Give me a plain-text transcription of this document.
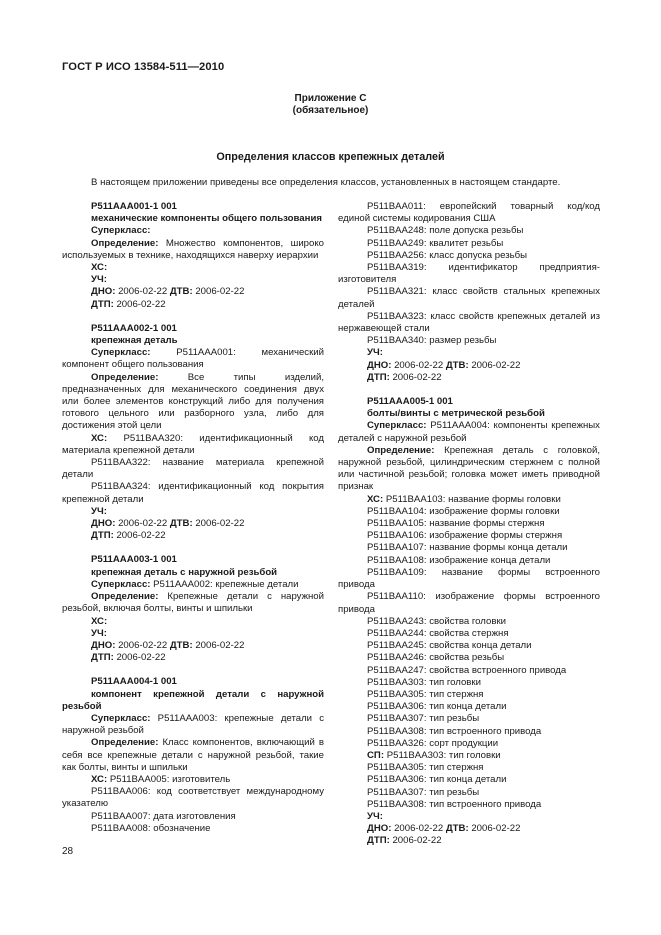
ГОСТ Р ИСО 13584-511—2010
Приложение С
(обязательное)
Определения классов крепежных деталей
В настоящем приложении приведены все определения классов, установленных в настоящем стандарте.

P511AAA001-1 001

механические компоненты общего пользования

Суперкласс:

Определение: Множество компонентов, широко используемых в технике, находящихся наверху иерархии

ХС:

УЧ:

ДНО: 2006-02-22 ДТВ: 2006-02-22

ДТП: 2006-02-22

P511AAA002-1 001

крепежная деталь

Суперкласс:	P511AAA001: механический компонент общего пользования

Определение:	Все типы изделий, предназначенных для механического соединения двух или более элементов конструкций либо для получения готового цельного или разборного узла, либо для достижения этой цели

ХС: P511BAA320: идентификационный код материала крепежной детали

P511BAA322: название материала крепежной детали

P511BAA324: идентификационный код покрытия крепежной детали

УЧ:

ДНО: 2006-02-22 ДТВ: 2006-02-22

ДТП: 2006-02-22

P511AAA003-1 001

крепежная деталь с наружной резьбой

Суперкласс: P511AAA002: крепежные детали

Определение: Крепежные детали с наружной резьбой, включая болты, винты и шпильки

ХС:

УЧ:

ДНО: 2006-02-22 ДТВ: 2006-02-22

ДТП: 2006-02-22

P511AAA004-1 001

компонент крепежной детали с наружной резьбой

Суперкласс: P511AAA003: крепежные детали с наружной резьбой

Определение: Класс компонентов, включающий в себя все крепежные детали с наружной резьбой, такие как болты, винты и шпильки

ХС: P511BAA005: изготовитель

P511BAA006: код соответствует международному указателю

P511BAA007: дата изготовления

P511BAA008: обозначение

P511BAA011: европейский товарный код/код единой системы кодирования США

P511BAA248: поле допуска резьбы

P511BAA249: квалитет резьбы

P511BAA256: класс допуска резьбы

P511BAA319: идентификатор предприятия-изготовителя

P511BAA321: класс свойств стальных крепежных деталей

P511BAA323: класс свойств крепежных деталей из нержавеющей стали

P511BAA340: размер резьбы

УЧ:

ДНО: 2006-02-22 ДТВ: 2006-02-22

ДТП: 2006-02-22

P511AAA005-1 001

болты/винты с метрической резьбой

Суперкласс: P511AAA004: компоненты крепежных деталей с наружной резьбой

Определение: Крепежная деталь с головкой, наружной резьбой, цилиндрическим стержнем с полной или частичной резьбой; головка может иметь приводной признак

ХС: P511BAA103: название формы головки

P511BAA104: изображение формы головки

P511BAA105: название формы стержня

P511BAA106: изображение формы стержня

P511BAA107: название формы конца детали

P511BAA108: изображение конца детали

P511BAA109: название формы встроенного привода

P511BAA110: изображение формы встроенного привода

P511BAA243: свойства головки

P511BAA244: свойства стержня

P511BAA245: свойства конца детали

P511BAA246: свойства резьбы

P511BAA247: свойства встроенного привода

P511BAA303: тип головки

P511BAA305: тип стержня

P511BAA306: тип конца детали

P511BAA307: тип резьбы

P511BAA308: тип встроенного привода

P511BAA326: сорт продукции

СП: P511BAA303: тип головки

P511BAA305: тип стержня

P511BAA306: тип конца детали

P511BAA307: тип резьбы

P511BAA308: тип встроенного привода

УЧ:

ДНО: 2006-02-22 ДТВ: 2006-02-22

ДТП: 2006-02-22

28
